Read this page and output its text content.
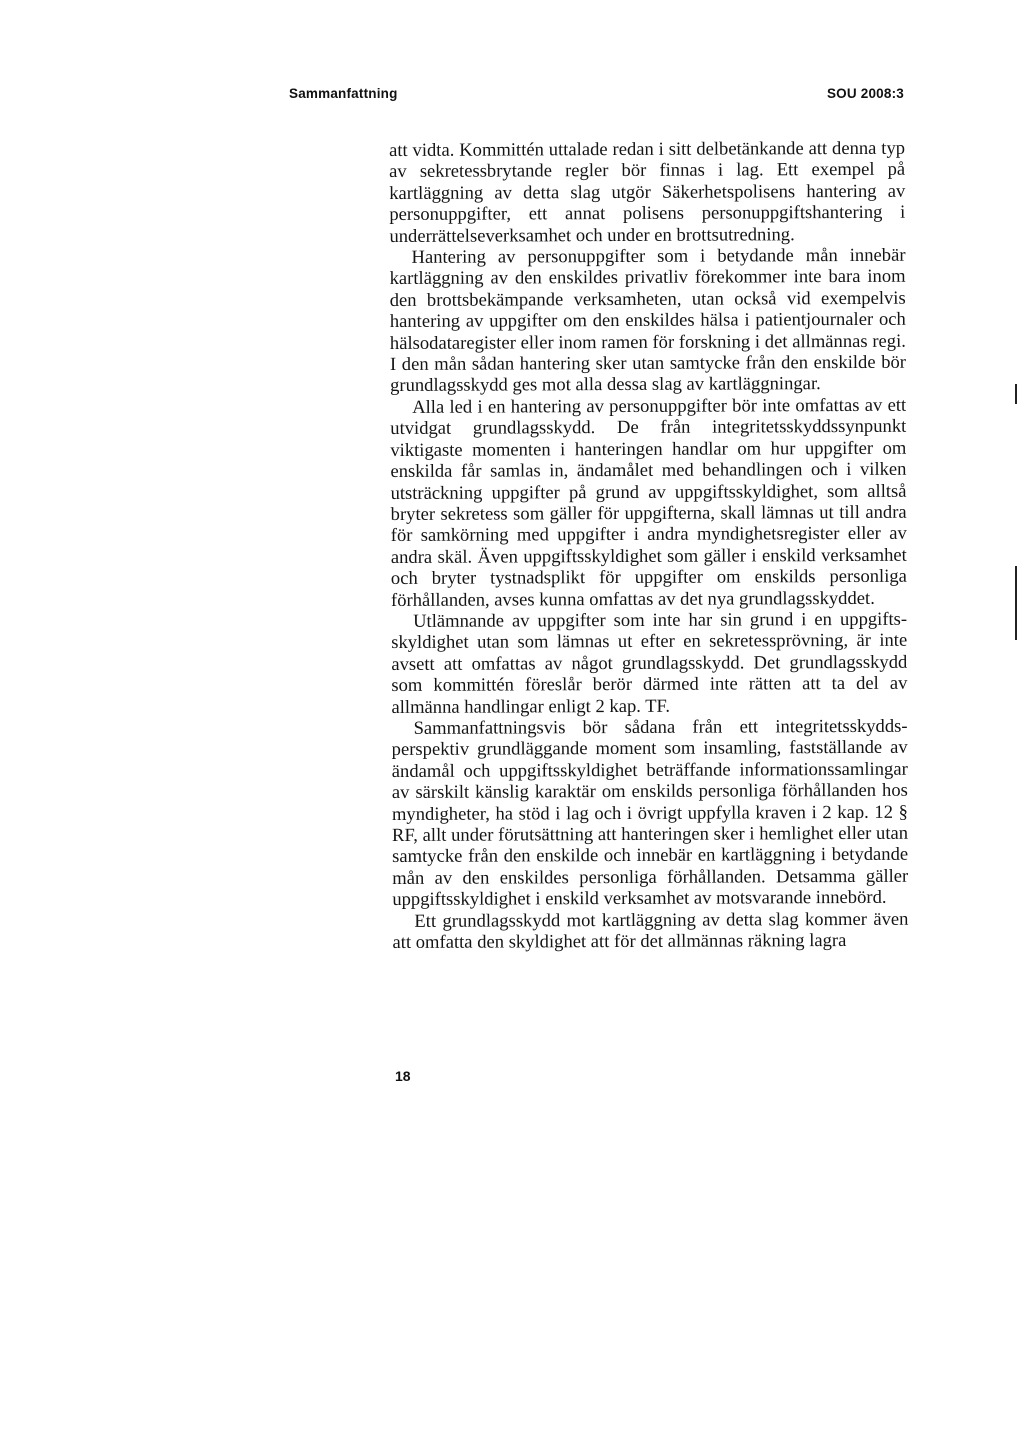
Sammanfattning	SOU 2008:3

att vidta. Kommittén uttalade redan i sitt delbetänkande att denna typ av sekretessbrytande regler bör finnas i lag. Ett exempel på kartläggning av detta slag utgör Säkerhetspolisens hantering av personuppgifter, ett annat polisens personuppgiftshantering i underrättelseverksamhet och under en brottsutredning.

Hantering av personuppgifter som i betydande mån innebär kartläggning av den enskildes privatliv förekommer inte bara inom den brottsbekämpande verksamheten, utan också vid exempelvis hantering av uppgifter om den enskildes hälsa i patientjournaler och hälsodataregister eller inom ramen för forskning i det allmännas regi. I den mån sådan hantering sker utan samtycke från den enskilde bör grundlagsskydd ges mot alla dessa slag av kartläggningar.

Alla led i en hantering av personuppgifter bör inte omfattas av ett utvidgat grundlagsskydd. De från integritetsskyddssynpunkt viktigaste momenten i hanteringen handlar om hur uppgifter om enskilda får samlas in, ändamålet med behandlingen och i vilken utsträckning uppgifter på grund av uppgiftsskyldighet, som alltså bryter sekretess som gäller för uppgifterna, skall lämnas ut till andra för samkörning med uppgifter i andra myndighetsregister eller av andra skäl. Även uppgiftsskyldighet som gäller i enskild verksamhet och bryter tystnadsplikt för uppgifter om enskilds personliga förhållanden, avses kunna omfattas av det nya grundlagsskyddet.

Utlämnande av uppgifter som inte har sin grund i en uppgiftsskyldighet utan som lämnas ut efter en sekretessprövning, är inte avsett att omfattas av något grundlagsskydd. Det grundlagsskydd som kommittén föreslår berör därmed inte rätten att ta del av allmänna handlingar enligt 2 kap. TF.

Sammanfattningsvis bör sådana från ett integritetsskyddsperspektiv grundläggande moment som insamling, fastställande av ändamål och uppgiftsskyldighet beträffande informationssamlingar av särskilt känslig karaktär om enskilds personliga förhållanden hos myndigheter, ha stöd i lag och i övrigt uppfylla kraven i 2 kap. 12 § RF, allt under förutsättning att hanteringen sker i hemlighet eller utan samtycke från den enskilde och innebär en kartläggning i betydande mån av den enskildes personliga förhållanden. Detsamma gäller uppgiftsskyldighet i enskild verksamhet av motsvarande innebörd.

Ett grundlagsskydd mot kartläggning av detta slag kommer även att omfatta den skyldighet att för det allmännas räkning lagra

18
